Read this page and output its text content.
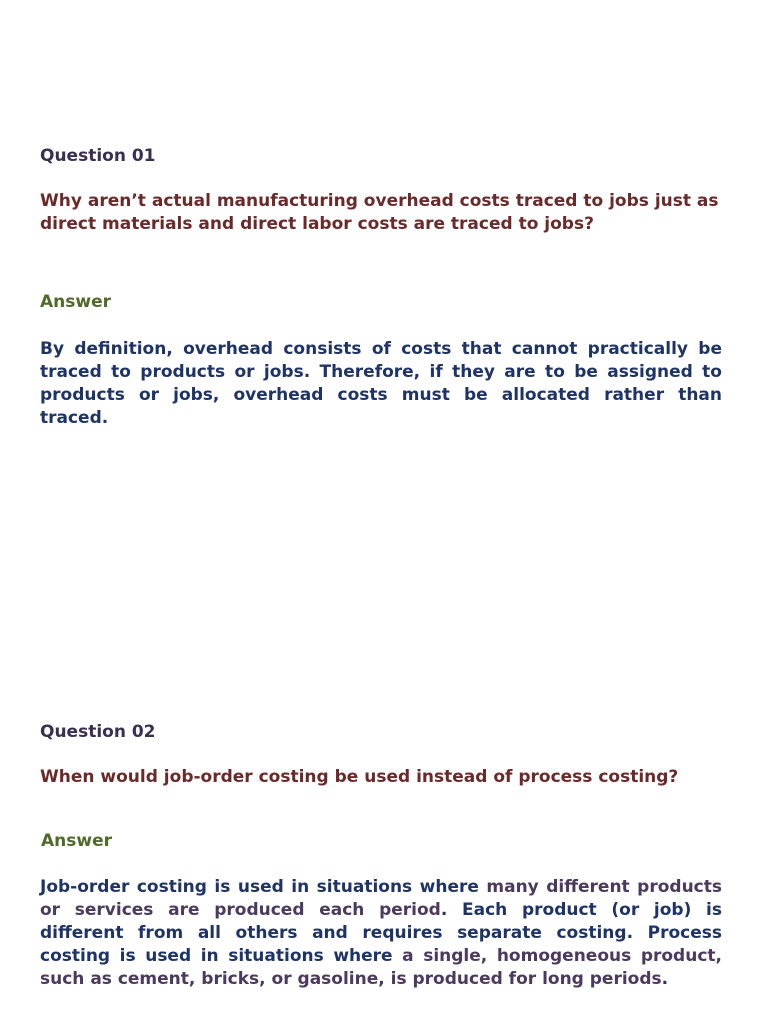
Question 01
Why aren’t actual manufacturing overhead costs traced to jobs just as direct materials and direct labor costs are traced to jobs?
Answer
By definition, overhead consists of costs that cannot practically be traced to products or jobs. Therefore, if they are to be assigned to products or jobs, overhead costs must be allocated rather than traced.
Question 02
When would job-order costing be used instead of process costing?
Answer
Job-order costing is used in situations where many different products or services are produced each period. Each product (or job) is different from all others and requires separate costing. Process costing is used in situations where a single, homogeneous product, such as cement, bricks, or gasoline, is produced for long periods.
